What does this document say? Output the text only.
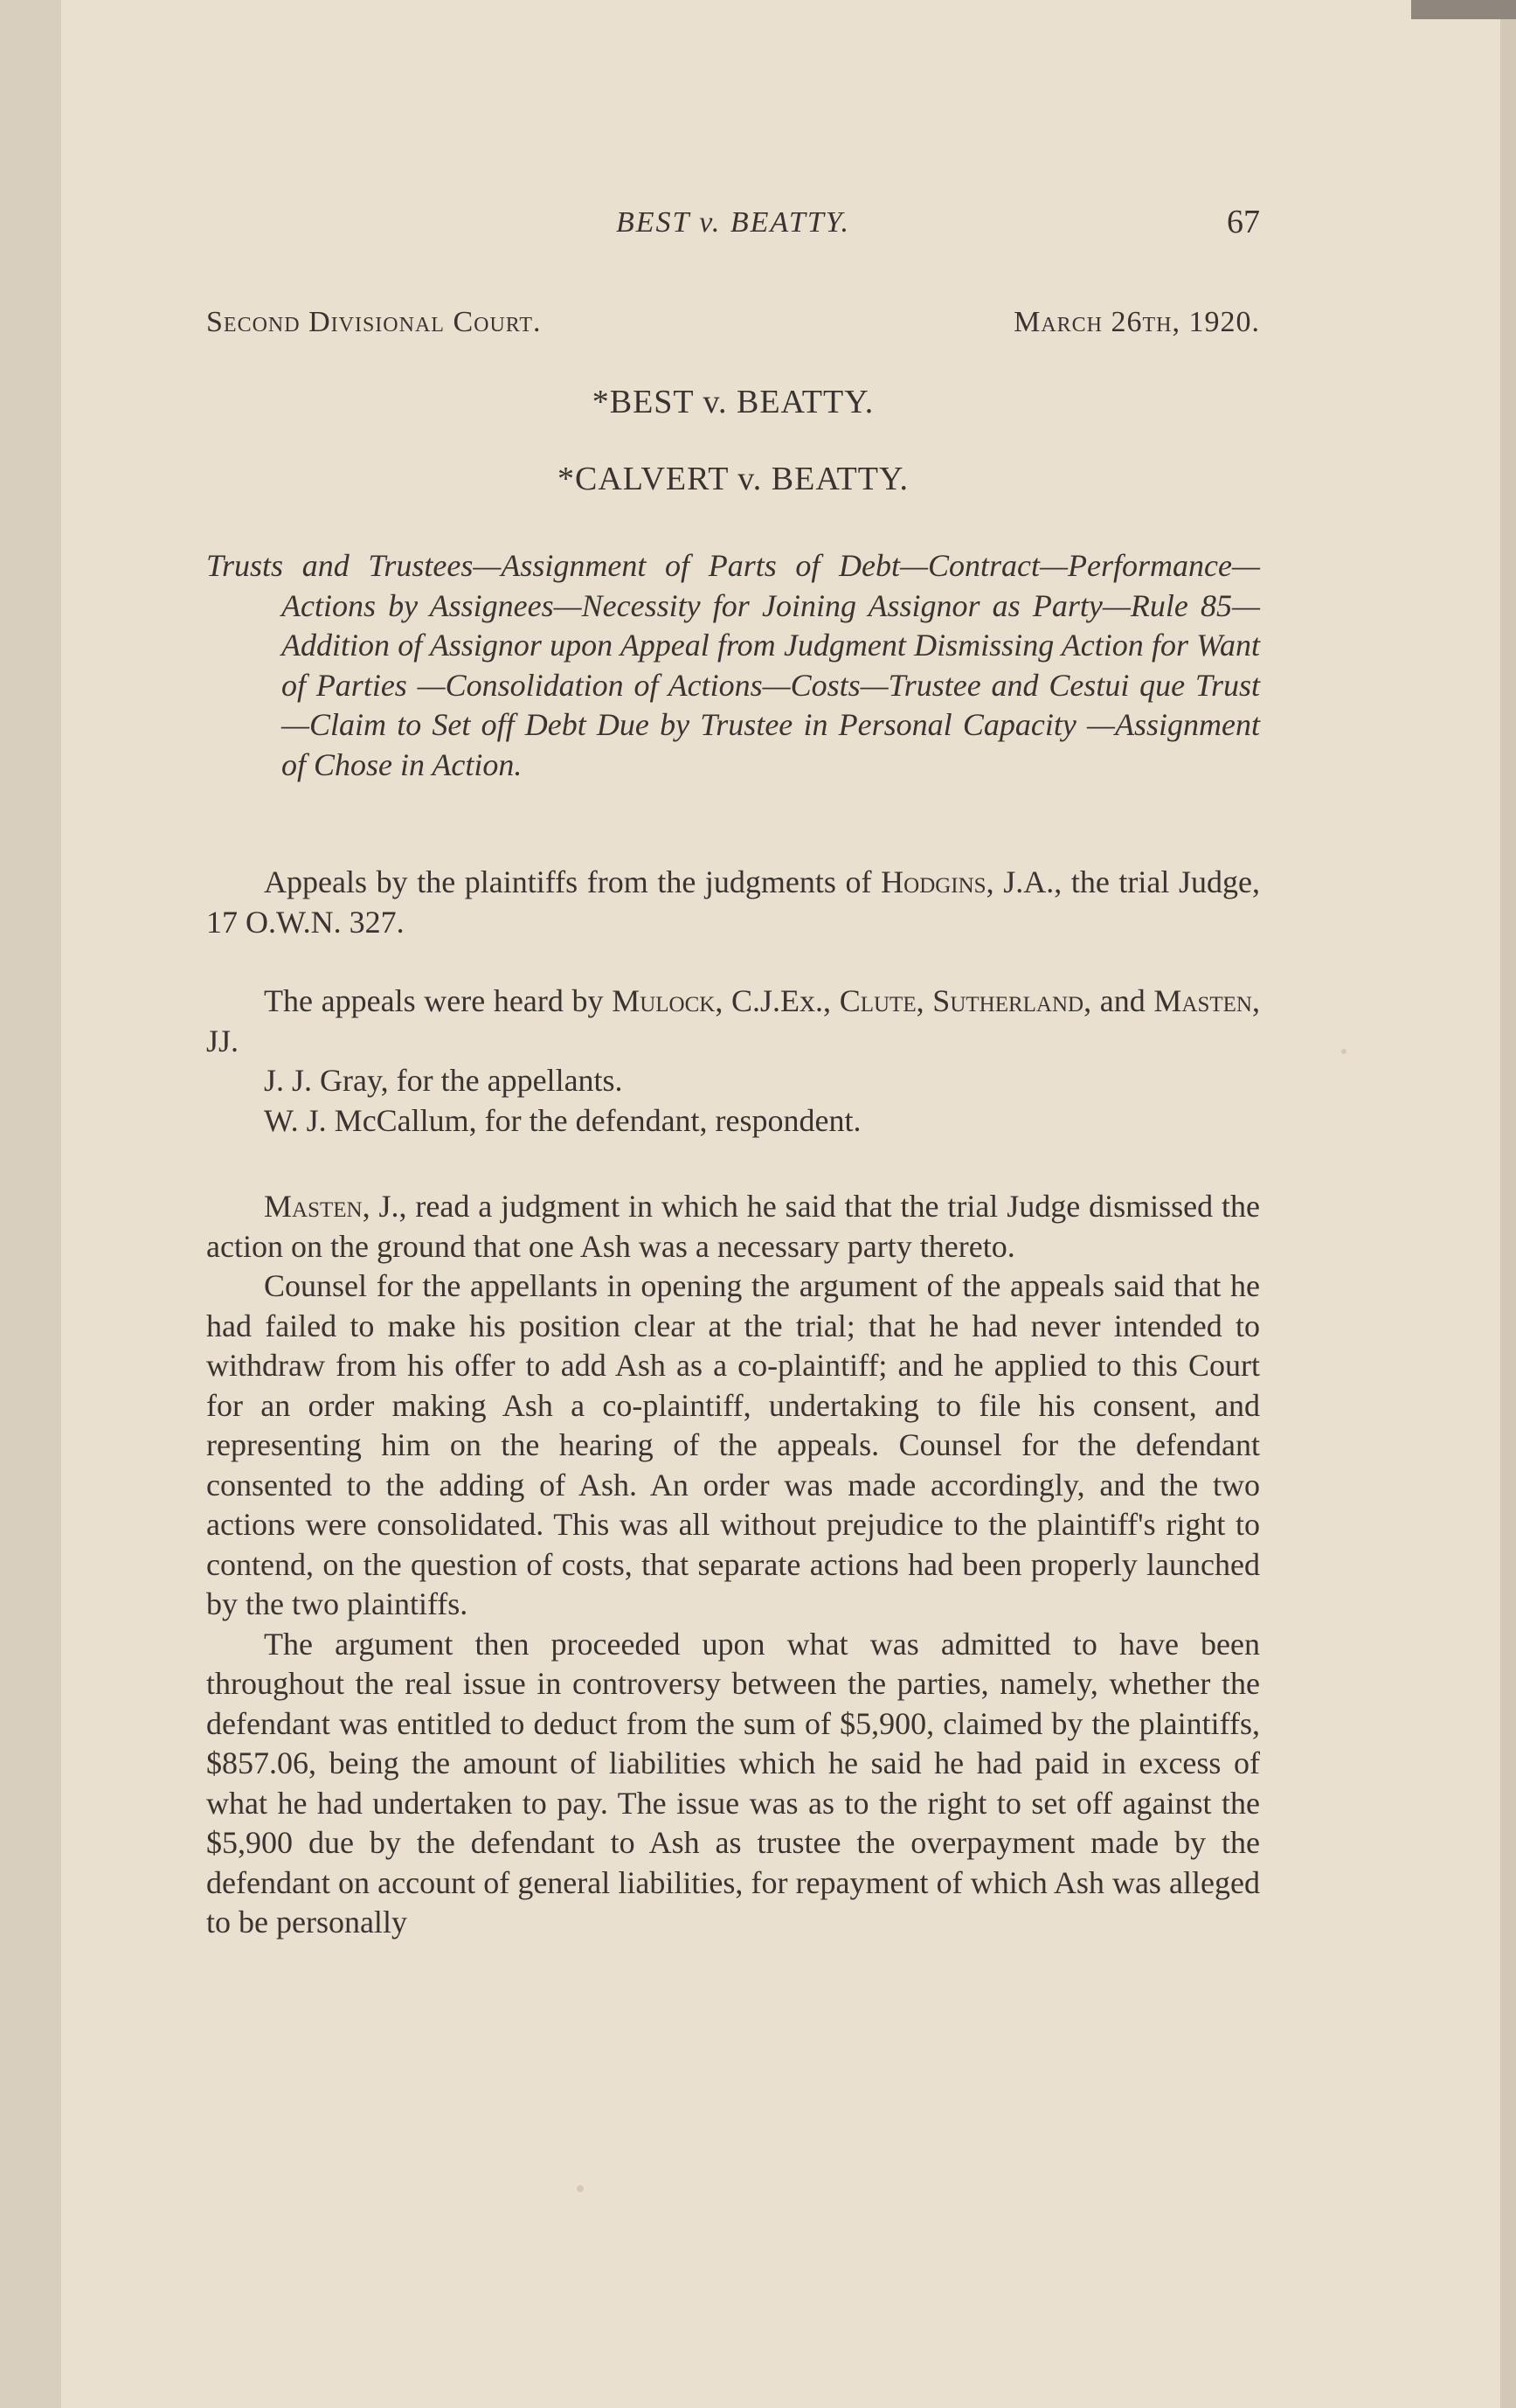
BEST v. BEATTY.	67
Second Divisional Court.	March 26th, 1920.
*BEST v. BEATTY.
*CALVERT v. BEATTY.
Trusts and Trustees—Assignment of Parts of Debt—Contract—Performance—Actions by Assignees—Necessity for Joining Assignor as Party—Rule 85—Addition of Assignor upon Appeal from Judgment Dismissing Action for Want of Parties —Consolidation of Actions—Costs—Trustee and Cestui que Trust —Claim to Set off Debt Due by Trustee in Personal Capacity —Assignment of Chose in Action.

Appeals by the plaintiffs from the judgments of Hodgins, J.A., the trial Judge, 17 O.W.N. 327.

The appeals were heard by Mulock, C.J.Ex., Clute, Sutherland, and Masten, JJ.

J. J. Gray, for the appellants.

W. J. McCallum, for the defendant, respondent.

Masten, J., read a judgment in which he said that the trial Judge dismissed the action on the ground that one Ash was a necessary party thereto.

Counsel for the appellants in opening the argument of the appeals said that he had failed to make his position clear at the trial; that he had never intended to withdraw from his offer to add Ash as a co-plaintiff; and he applied to this Court for an order making Ash a co-plaintiff, undertaking to file his consent, and representing him on the hearing of the appeals. Counsel for the defendant consented to the adding of Ash. An order was made accordingly, and the two actions were consolidated. This was all without prejudice to the plaintiff's right to contend, on the question of costs, that separate actions had been properly launched by the two plaintiffs.

The argument then proceeded upon what was admitted to have been throughout the real issue in controversy between the parties, namely, whether the defendant was entitled to deduct from the sum of $5,900, claimed by the plaintiffs, $857.06, being the amount of liabilities which he said he had paid in excess of what he had undertaken to pay. The issue was as to the right to set off against the $5,900 due by the defendant to Ash as trustee the overpayment made by the defendant on account of general liabilities, for repayment of which Ash was alleged to be personally
